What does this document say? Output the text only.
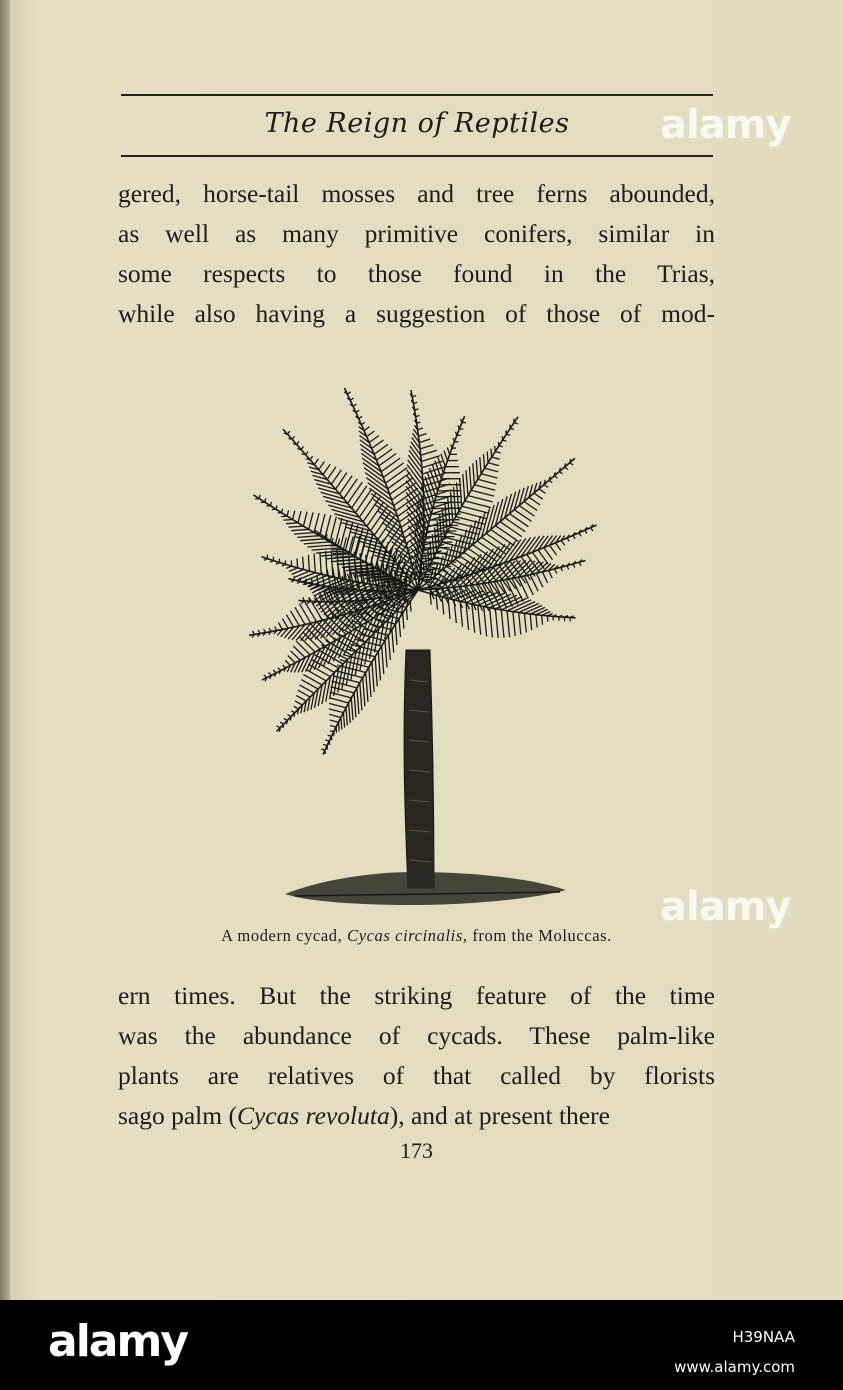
The Reign of Reptiles
gered, horse-tail mosses and tree ferns abounded,
as well as many primitive conifers, similar in
some respects to those found in the Trias,
while also having a suggestion of those of mod-
A modern cycad, Cycas circinalis, from the Moluccas.
ern times. But the striking feature of the time
was the abundance of cycads. These palm-like
plants are relatives of that called by florists
sago palm (Cycas revoluta), and at present there
173
alamy
alamy
alamy	H39NAA
www.alamy.com
